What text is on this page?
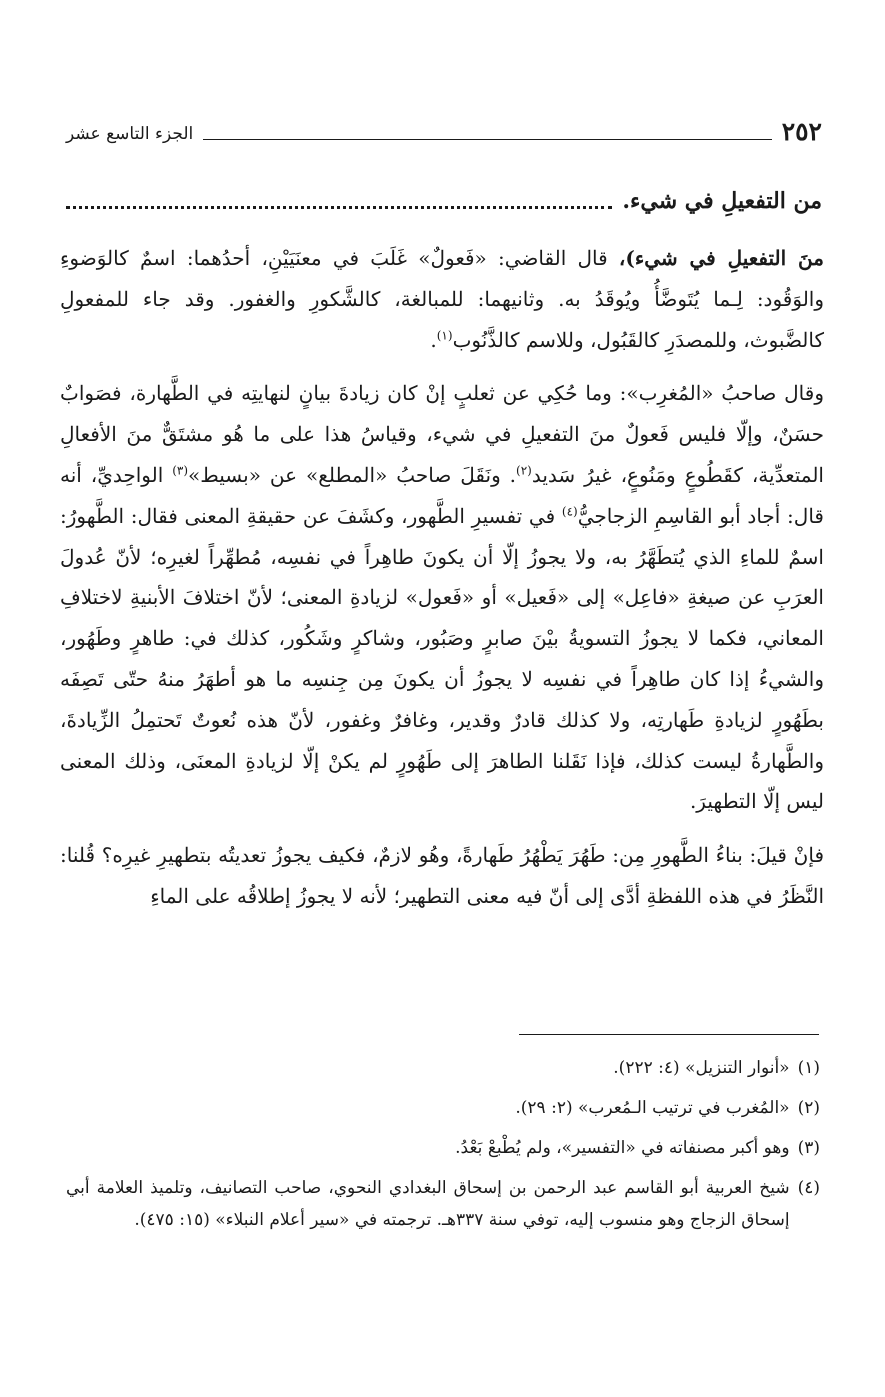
٢٥٢
الجزء التاسع عشر
من التفعيلِ في شيء.

منَ التفعيلِ في شيء)، قال القاضي: «فَعولٌ» غَلَبَ في معنَيَيْنِ، أحدُهما: اسمٌ كالوَضوءِ والوَقُود: لِـما يُتَوضَّأُ ويُوقَدُ به. وثانيهما: للمبالغة، كالشَّكورِ والغفور. وقد جاء للمفعولِ كالضَّبوث، وللمصدَرِ كالقَبُول، وللاسم كالذَّنُوب$^{(١)}$.

وقال صاحبُ «المُغرِب»: وما حُكِي عن ثعلبٍ إنْ كان زيادةَ بيانٍ لنهايتِه في الطَّهارة، فصَوابٌ حسَنٌ، وإلّا فليس فَعولٌ منَ التفعيلِ في شيء، وقياسُ هذا على ما هُو مشتَقٌّ منَ الأفعالِ المتعدِّية، كقَطُوعٍ ومَنُوعٍ، غيرُ سَديد$^{(٢)}$. ونَقَلَ صاحبُ «المطلع» عن «بسيط»$^{(٣)}$ الواحِديِّ، أنه قال: أجاد أبو القاسِمِ الزجاجيُّ$^{(٤)}$ في تفسيرِ الطَّهور، وكشَفَ عن حقيقةِ المعنى فقال: الطَّهورُ: اسمٌ للماءِ الذي يُتطَهَّرُ به، ولا يجوزُ إلّا أن يكونَ طاهِراً في نفسِه، مُطهِّراً لغيرِه؛ لأنّ عُدولَ العرَبِ عن صيغةِ «فاعِل» إلى «فَعيل» أو «فَعول» لزيادةِ المعنى؛ لأنّ اختلافَ الأبنيةِ لاختلافِ المعاني، فكما لا يجوزُ التسويةُ بيْنَ صابرٍ وصَبُور، وشاكرٍ وشَكُور، كذلك في: طاهرٍ وطَهُور، والشيءُ إذا كان طاهِراً في نفسِه لا يجوزُ أن يكونَ مِن جِنسِه ما هو أطهَرُ منهُ حتّى تَصِفَه بطَهُورٍ لزيادةِ طَهارتِه، ولا كذلك قادرٌ وقدير، وغافرٌ وغفور، لأنّ هذه نُعوتٌ تَحتمِلُ الزِّيادةَ، والطَّهارةُ ليست كذلك، فإذا نَقَلنا الطاهرَ إلى طَهُورٍ لم يكنْ إلّا لزيادةِ المعنَى، وذلك المعنى ليس إلّا التطهيرَ.

فإنْ قيلَ: بناءُ الطَّهورِ مِن: طَهُرَ يَطْهُرُ طَهارةً، وهُو لازمٌ، فكيف يجوزُ تعديتُه بتطهيرِ غيرِه؟ قُلنا: النَّظَرُ في هذه اللفظةِ أدَّى إلى أنّ فيه معنى التطهير؛ لأنه لا يجوزُ إطلاقُه على الماءِ

(١)
«أنوار التنزيل» (٤: ٢٢٢).
(٢)
«المُغرب في ترتيب الـمُعرب» (٢: ٢٩).
(٣)
وهو أكبر مصنفاته في «التفسير»، ولم يُطْبعْ بَعْدُ.
(٤)
شيخ العربية أبو القاسم عبد الرحمن بن إسحاق البغدادي النحوي، صاحب التصانيف، وتلميذ العلامة أبي إسحاق الزجاج وهو منسوب إليه، توفي سنة ٣٣٧هـ. ترجمته في «سير أعلام النبلاء» (١٥: ٤٧٥).
